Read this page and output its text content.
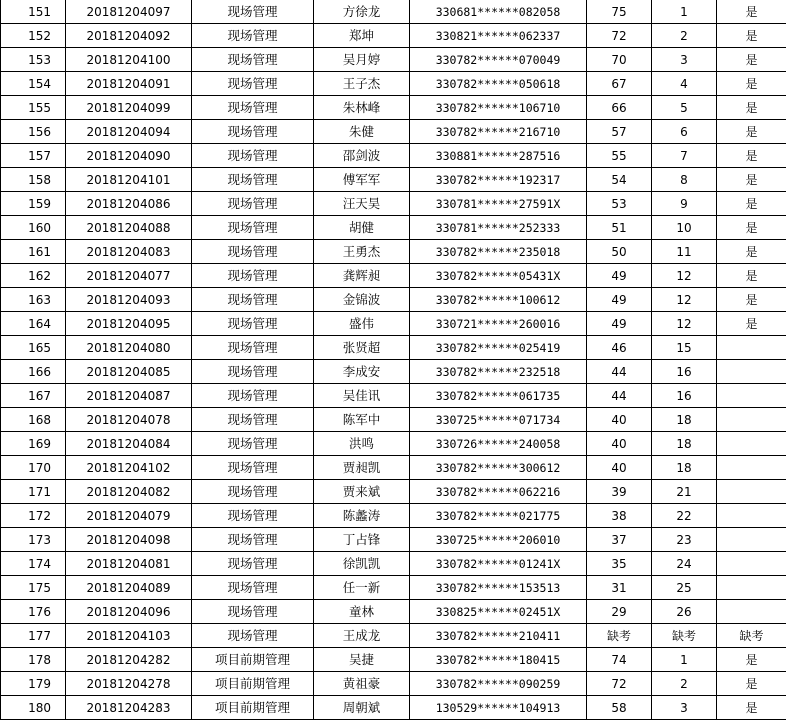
151	20181204097	现场管理	方徐龙	330681******082058	75	1	是
152	20181204092	现场管理	郑坤	330821******062337	72	2	是
153	20181204100	现场管理	吴月婷	330782******070049	70	3	是
154	20181204091	现场管理	王子杰	330782******050618	67	4	是
155	20181204099	现场管理	朱林峰	330782******106710	66	5	是
156	20181204094	现场管理	朱健	330782******216710	57	6	是
157	20181204090	现场管理	邵剑波	330881******287516	55	7	是
158	20181204101	现场管理	傅军军	330782******192317	54	8	是
159	20181204086	现场管理	汪天昊	330781******27591X	53	9	是
160	20181204088	现场管理	胡健	330781******252333	51	10	是
161	20181204083	现场管理	王勇杰	330782******235018	50	11	是
162	20181204077	现场管理	龚辉昶	330782******05431X	49	12	是
163	20181204093	现场管理	金锦波	330782******100612	49	12	是
164	20181204095	现场管理	盛伟	330721******260016	49	12	是
165	20181204080	现场管理	张贤超	330782******025419	46	15	
166	20181204085	现场管理	李成安	330782******232518	44	16	
167	20181204087	现场管理	吴佳讯	330782******061735	44	16	
168	20181204078	现场管理	陈军中	330725******071734	40	18	
169	20181204084	现场管理	洪鸣	330726******240058	40	18	
170	20181204102	现场管理	贾昶凯	330782******300612	40	18	
171	20181204082	现场管理	贾来斌	330782******062216	39	21	
172	20181204079	现场管理	陈蠡涛	330782******021775	38	22	
173	20181204098	现场管理	丁占锋	330725******206010	37	23	
174	20181204081	现场管理	徐凯凯	330782******01241X	35	24	
175	20181204089	现场管理	任一新	330782******153513	31	25	
176	20181204096	现场管理	童林	330825******02451X	29	26	
177	20181204103	现场管理	王成龙	330782******210411	缺考	缺考	缺考
178	20181204282	项目前期管理	吴捷	330782******180415	74	1	是
179	20181204278	项目前期管理	黄祖豪	330782******090259	72	2	是
180	20181204283	项目前期管理	周朝斌	130529******104913	58	3	是
